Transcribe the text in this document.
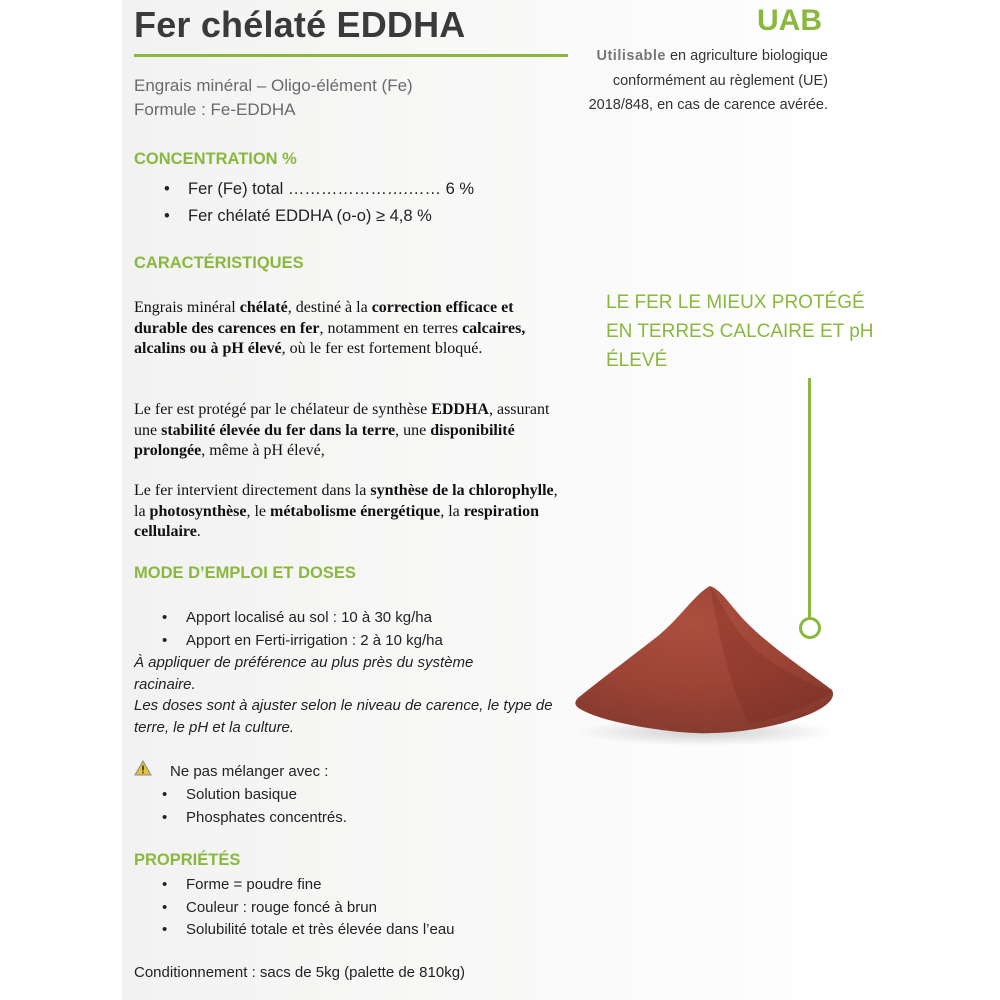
Fer chélaté EDDHA
Engrais minéral – Oligo-élément (Fe)
Formule : Fe-EDDHA
UAB
Utilisable en agriculture biologique conformément au règlement (UE) 2018/848, en cas de carence avérée.
CONCENTRATION %
• Fer (Fe) total ………………….…… 6 %
• Fer chélaté EDDHA (o-o) ≥ 4,8 %
CARACTÉRISTIQUES
Engrais minéral chélaté, destiné à la correction efficace et durable des carences en fer, notamment en terres calcaires, alcalins ou à pH élevé, où le fer est fortement bloqué.
Le fer est protégé par le chélateur de synthèse EDDHA, assurant une stabilité élevée du fer dans la terre, une disponibilité prolongée, même à pH élevé,
Le fer intervient directement dans la synthèse de la chlorophylle, la photosynthèse, le métabolisme énergétique, la respiration cellulaire.
MODE D’EMPLOI ET DOSES
• Apport localisé au sol : 10 à 30 kg/ha
• Apport en Ferti-irrigation : 2 à 10 kg/ha
À appliquer de préférence au plus près du système racinaire.
Les doses sont à ajuster selon le niveau de carence, le type de terre, le pH et la culture.
Ne pas mélanger avec :
• Solution basique
• Phosphates concentrés.
PROPRIÉTÉS
• Forme = poudre fine
• Couleur : rouge foncé à brun
• Solubilité totale et très élevée dans l’eau
Conditionnement : sacs de 5kg (palette de 810kg)
LE FER LE MIEUX PROTÉGÉ EN TERRES CALCAIRE ET pH ÉLEVÉ
